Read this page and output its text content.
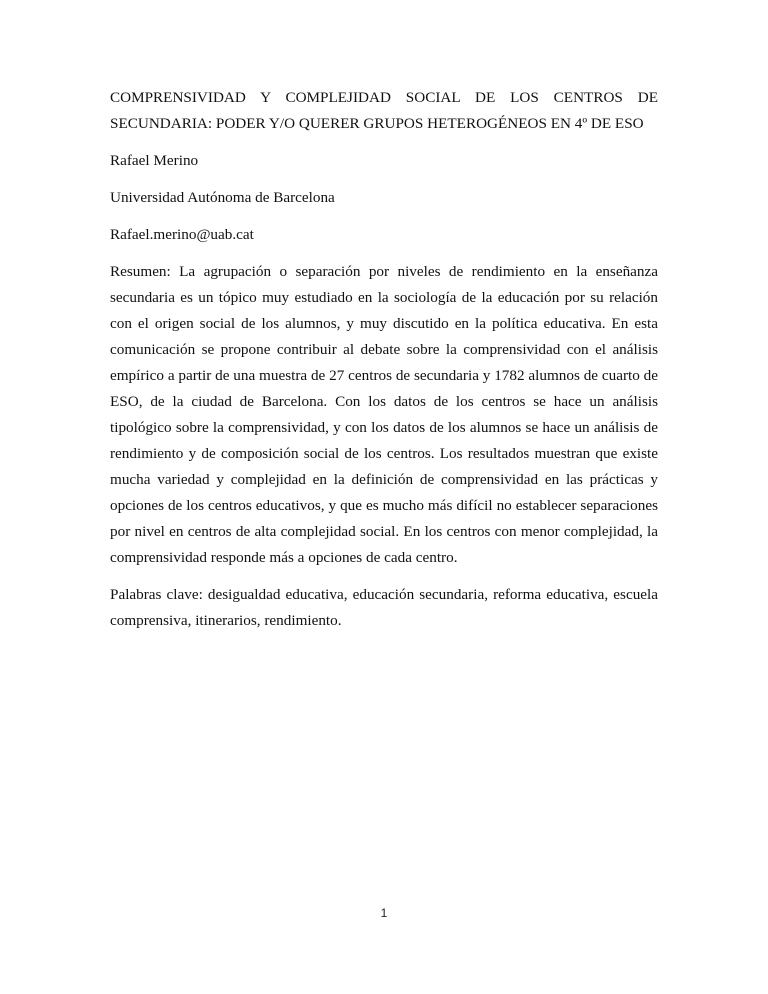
COMPRENSIVIDAD Y COMPLEJIDAD SOCIAL DE LOS CENTROS DE SECUNDARIA: PODER Y/O QUERER GRUPOS HETEROGÉNEOS EN 4º DE ESO

Rafael Merino

Universidad Autónoma de Barcelona

Rafael.merino@uab.cat

Resumen: La agrupación o separación por niveles de rendimiento en la enseñanza secundaria es un tópico muy estudiado en la sociología de la educación por su relación con el origen social de los alumnos, y muy discutido en la política educativa. En esta comunicación se propone contribuir al debate sobre la comprensividad con el análisis empírico a partir de una muestra de 27 centros de secundaria y 1782 alumnos de cuarto de ESO, de la ciudad de Barcelona. Con los datos de los centros se hace un análisis tipológico sobre la comprensividad, y con los datos de los alumnos se hace un análisis de rendimiento y de composición social de los centros. Los resultados muestran que existe mucha variedad y complejidad en la definición de comprensividad en las prácticas y opciones de los centros educativos, y que es mucho más difícil no establecer separaciones por nivel en centros de alta complejidad social. En los centros con menor complejidad, la comprensividad responde más a opciones de cada centro.

Palabras clave: desigualdad educativa, educación secundaria, reforma educativa, escuela comprensiva, itinerarios, rendimiento.

1
